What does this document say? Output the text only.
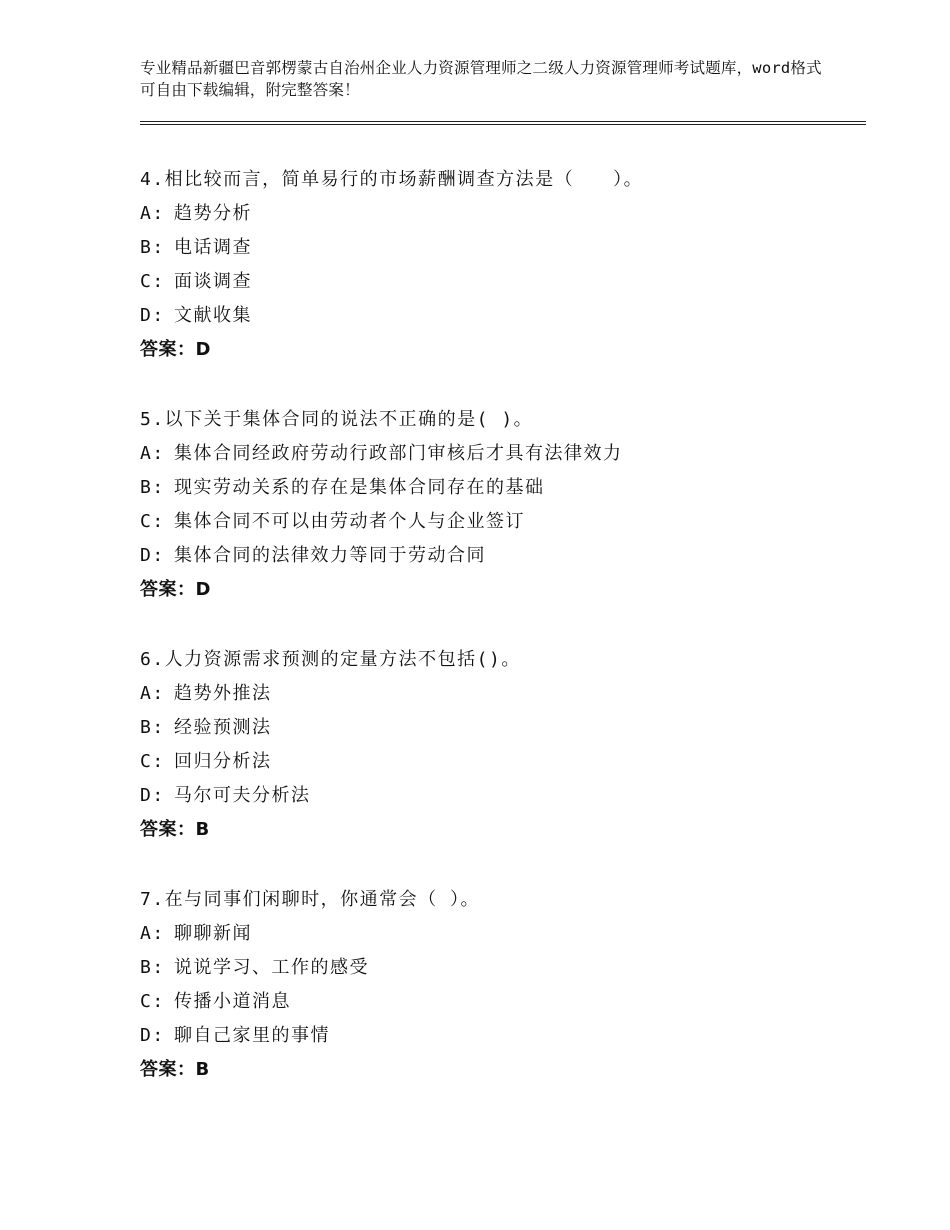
专业精品新疆巴音郭楞蒙古自治州企业人力资源管理师之二级人力资源管理师考试题库，word格式可自由下载编辑，附完整答案！
4.相比较而言，简单易行的市场薪酬调查方法是（　　）。
A: 趋势分析
B: 电话调查
C: 面谈调查
D: 文献收集
答案：D
5.以下关于集体合同的说法不正确的是( )。
A: 集体合同经政府劳动行政部门审核后才具有法律效力
B: 现实劳动关系的存在是集体合同存在的基础
C: 集体合同不可以由劳动者个人与企业签订
D: 集体合同的法律效力等同于劳动合同
答案：D
6.人力资源需求预测的定量方法不包括()。
A: 趋势外推法
B: 经验预测法
C: 回归分析法
D: 马尔可夫分析法
答案：B
7.在与同事们闲聊时，你通常会（ ）。
A: 聊聊新闻
B: 说说学习、工作的感受
C: 传播小道消息
D: 聊自己家里的事情
答案：B
